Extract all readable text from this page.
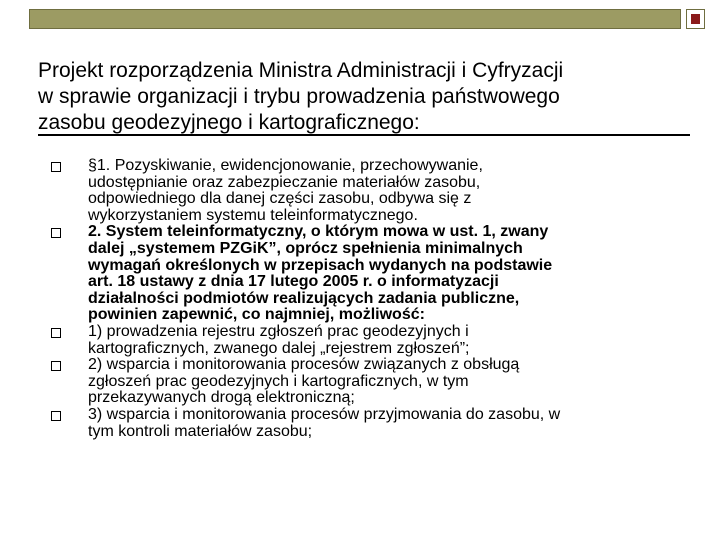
Projekt rozporządzenia Ministra Administracji i Cyfryzacji
w sprawie organizacji i trybu prowadzenia państwowego
zasobu geodezyjnego i kartograficznego:
§1. Pozyskiwanie, ewidencjonowanie, przechowywanie,
udostępnianie oraz zabezpieczanie materiałów zasobu,
odpowiedniego dla danej części zasobu, odbywa się z
wykorzystaniem systemu teleinformatycznego.
2. System teleinformatyczny, o którym mowa w ust. 1, zwany
dalej „systemem PZGiK”, oprócz spełnienia minimalnych
wymagań określonych w przepisach wydanych na podstawie
art. 18 ustawy z dnia 17 lutego 2005 r. o informatyzacji
działalności podmiotów realizujących zadania publiczne,
powinien zapewnić, co najmniej, możliwość:
1) prowadzenia rejestru zgłoszeń prac geodezyjnych i
kartograficznych, zwanego dalej „rejestrem zgłoszeń”;
2) wsparcia i monitorowania procesów związanych z obsługą
zgłoszeń prac geodezyjnych i kartograficznych, w tym
przekazywanych drogą elektroniczną;
3) wsparcia i monitorowania procesów przyjmowania do zasobu, w
tym kontroli materiałów zasobu;
